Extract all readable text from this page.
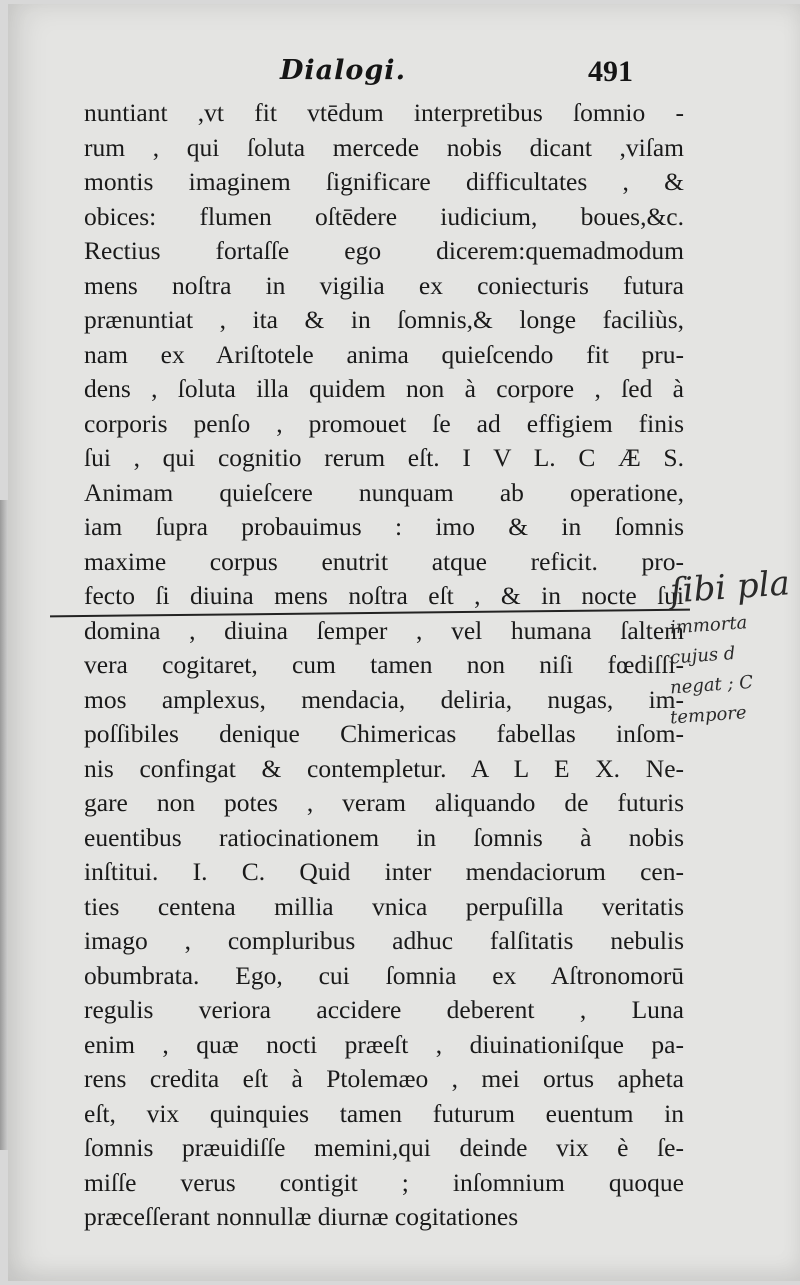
Dialogi.	491
nuntiant ,vt fit vtēdum interpretibus ſomnio -
rum , qui ſoluta mercede nobis dicant ,viſam
montis imaginem ſignificare difficultates , &
obices: flumen oſtēdere iudicium, boues,&c.
Rectius fortaſſe ego dicerem:quemadmodum
mens noſtra in vigilia ex coniecturis futura
prænuntiat , ita & in ſomnis,& longe faciliùs,
nam ex Ariſtotele anima quieſcendo fit pru-
dens , ſoluta illa quidem non à corpore , ſed à
corporis penſo , promouet ſe ad effigiem finis
ſui , qui cognitio rerum eſt. I V L. C Æ S.
Animam quieſcere nunquam ab operatione,
iam ſupra probauimus : imo & in ſomnis
maxime corpus enutrit atque reficit. pro-
fecto ſi diuina mens noſtra eſt , & in nocte ſui
domina , diuina ſemper , vel humana ſaltem
vera cogitaret, cum tamen non niſi fœdiſſi-
mos amplexus, mendacia, deliria, nugas, im-
poſſibiles denique Chimericas fabellas inſom-
nis confingat & contempletur. A L E X. Ne-
gare non potes , veram aliquando de futuris
euentibus ratiocinationem in ſomnis à nobis
inſtitui. I. C. Quid inter mendaciorum cen-
ties centena millia vnica perpuſilla veritatis
imago , compluribus adhuc falſitatis nebulis
obumbrata. Ego, cui ſomnia ex Aſtronomorū
regulis veriora accidere deberent , Luna
enim , quæ nocti præeſt , diuinationiſque pa-
rens credita eſt à Ptolemæo , mei ortus apheta
eſt, vix quinquies tamen futurum euentum in
ſomnis præuidiſſe memini,qui deinde vix è ſe-
miſſe verus contigit ; inſomnium quoque
præceſſerant nonnullæ diurnæ cogitationes
ſibi pla
immorta
cujus d
negat ; C
tempore
